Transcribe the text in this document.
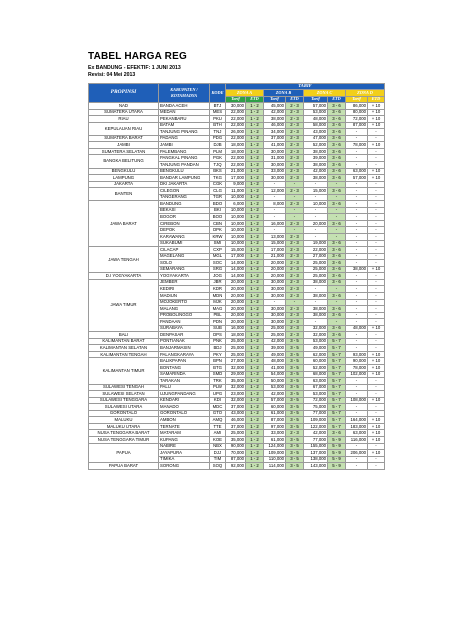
TABEL HARGA REG
Ex BANDUNG - EFEKTIF: 1 JUNI 2013
Revisi: 04 Mei 2013
PROPINSI	KABUPATEN / KOTAMADYA	KODE	TARIF							
			ZONA A		ZONA B		ZONA C		ZONA D	
			Tarif	ETD	Tarif	ETD	Tarif	ETD	Tarif	ETD
NAD	BANDA ACEH	BTJ	30,000	1 - 2	45,000	2 - 3	57,000	3 - 6	86,000	+ 10
SUMATERA UTARA	MEDAN	MES	22,000	1 - 2	42,000	2 - 3	53,000	3 - 6	80,000	+ 10
RIAU	PEKANBARU	PKU	22,000	1 - 2	38,000	2 - 3	48,000	3 - 6	72,000	+ 10
KEPULAUAN RIAU	BATAM	BTH	22,000	1 - 2	46,000	2 - 3	58,000	3 - 6	87,000	+ 10
	TANJUNG PINANG	TNJ	26,000	1 - 2	34,000	2 - 3	43,000	3 - 6	-	-
SUMATERA BARAT	PADANG	PDG	22,000	1 - 2	37,000	2 - 3	47,000	3 - 6	-	-
JAMBI	JAMBI	DJB	18,000	1 - 2	41,000	2 - 3	52,000	3 - 6	78,000	+ 10
SUMATERA SELATAN	PALEMBANG	PLM	18,000	1 - 2	30,000	2 - 3	38,000	3 - 6	-	-
BANGKA BELITUNG	PANGKAL PINANG	PGK	22,000	1 - 2	31,000	2 - 3	39,000	3 - 6	-	-
	TANJUNG PANDAN	TJQ	22,000	1 - 2	30,000	2 - 3	38,000	3 - 6	-	-
BENGKULU	BENGKULU	BKS	21,000	1 - 2	33,000	2 - 3	42,000	3 - 6	63,000	+ 10
LAMPUNG	BANDAR LAMPUNG	TKG	17,000	1 - 2	30,000	2 - 3	38,000	3 - 6	57,000	+ 10
JAKARTA	DKI JAKARTA	CGK	9,000	1 - 2	-	-	-	-	-	-
BANTEN	CILEGON	CLG	11,000	1 - 2	12,000	2 - 3	15,000	3 - 6	-	-
	TANGERANG	TGR	10,000	1 - 2	-	-	-	-	-	-
JAWA BARAT	BANDUNG	BDO	6,000	1 - 2	8,000	2 - 3	10,000	3 - 6	-	-
	BEKASI	BKI	10,000	1 - 2	-	-	-	-	-	-
	BOGOR	BOO	10,000	1 - 2	-	-	-	-	-	-
	CIREBON	CBN	10,000	1 - 2	16,000	2 - 3	20,000	3 - 6	-	-
	DEPOK	DPK	10,000	1 - 2	-	-	-	-	-	-
	KARAWANG	KRW	10,000	1 - 2	13,000	2 - 3	-	-	-	-
	SUKABUMI	SMI	10,000	1 - 2	15,000	2 - 3	19,000	3 - 6	-	-
JAWA TENGAH	CILACAP	CXP	15,000	1 - 2	17,000	2 - 3	22,000	3 - 6	-	-
	MAGELANG	MGL	17,000	1 - 2	21,000	2 - 3	27,000	3 - 6	-	-
	SOLO	SOC	14,000	1 - 2	20,000	2 - 3	25,000	3 - 6	-	-
	SEMARANG	SRG	14,000	1 - 2	20,000	2 - 3	25,000	3 - 6	38,000	+ 10
D.I YOGYAKARTA	YOGYAKARTA	JOG	14,000	1 - 2	20,000	2 - 3	25,000	3 - 6	-	-
JAWA TIMUR	JEMBER	JBR	20,000	1 - 2	30,000	2 - 3	38,000	3 - 6	-	-
	KEDIRI	KDR	20,000	1 - 2	30,000	2 - 3	-	-	-	-
	MADIUN	MDN	20,000	1 - 2	30,000	2 - 3	38,000	3 - 6	-	-
	MOJOKERTO	MJK	20,000	1 - 2	-	-	-	-	-	-
	MALANG	MAG	20,000	1 - 2	30,000	2 - 3	38,000	3 - 6	-	-
	PROBOLINGGO	PBL	20,000	1 - 2	30,000	2 - 3	38,000	3 - 6	-	-
	PANDAAN	PDN	20,000	1 - 2	30,000	2 - 3	-	-	-	-
	SURABAYA	SUB	16,000	1 - 2	25,000	2 - 3	32,000	3 - 6	48,000	+ 10
BALI	DENPASAR	DPS	18,000	1 - 2	25,000	2 - 3	32,000	3 - 6	-	-
KALIMANTAN BARAT	PONTIANAK	PNK	25,000	1 - 2	42,000	3 - 5	53,000	5 - 7	-	-
KALIMANTAN SELATAN	BANJARMASIN	BDJ	25,000	1 - 2	39,000	3 - 5	49,000	5 - 7	-	-
KALIMANTAN TENGAH	PALANGKARAYA	PKY	25,000	1 - 2	49,000	3 - 5	62,000	5 - 7	93,000	+ 10
KALIMANTAN TIMUR	BALIKPAPAN	BPN	27,000	1 - 2	48,000	3 - 5	60,000	5 - 7	90,000	+ 10
	BONTANG	BTG	32,000	1 - 2	41,000	3 - 5	52,000	5 - 7	78,000	+ 10
	SAMARINDA	SMD	29,000	1 - 2	54,000	3 - 5	68,000	5 - 7	102,000	+ 10
	TARAKAN	TRK	35,000	1 - 2	50,000	3 - 5	63,000	5 - 7	-	-
SULAWESI TENGAH	PALU	PLW	32,000	1 - 2	53,000	3 - 5	67,000	5 - 7	-	-
SULAWESI SELATAN	UJUNGPANDANG	UPG	23,000	1 - 2	42,000	3 - 5	53,000	5 - 7	-	-
SULAWESI TENGGARA	KENDARI	KDI	32,000	1 - 2	57,000	3 - 5	72,000	5 - 7	108,000	+ 10
SULAWESI UTARA	MANADO	MDC	37,000	1 - 2	60,000	3 - 5	75,000	5 - 7	-	-
GORONTALO	GORONTALO	GTO	43,000	1 - 2	61,000	3 - 5	77,000	5 - 7	-	-
MALUKU	AMBON	AMQ	46,000	1 - 2	87,000	3 - 5	109,000	5 - 7	164,000	+ 10
MALUKU UTARA	TERNATE	TTE	37,000	1 - 2	97,000	3 - 5	122,000	5 - 7	183,000	+ 10
NUSA TENGGARA BARAT	MATARAM	AMI	25,000	1 - 2	33,000	2 - 3	42,000	3 - 6	63,000	+ 10
NUSA TENGGARA TIMUR	KUPANG	KOE	35,000	1 - 2	61,000	3 - 5	77,000	5 - 9	116,000	+ 10
PAPUA	NABIRE	NBX	90,000	1 - 2	124,000	3 - 5	155,000	5 - 9	-	-
	JAYAPURA	DJJ	70,000	1 - 2	109,000	3 - 5	137,000	5 - 9	206,000	+ 10
	TIMIKA	TIM	87,000	1 - 2	110,000	3 - 5	138,000	5 - 9	-	-
PAPUA BARAT	SORONG	SOQ	92,000	1 - 2	114,000	3 - 5	143,000	5 - 9	-	-
